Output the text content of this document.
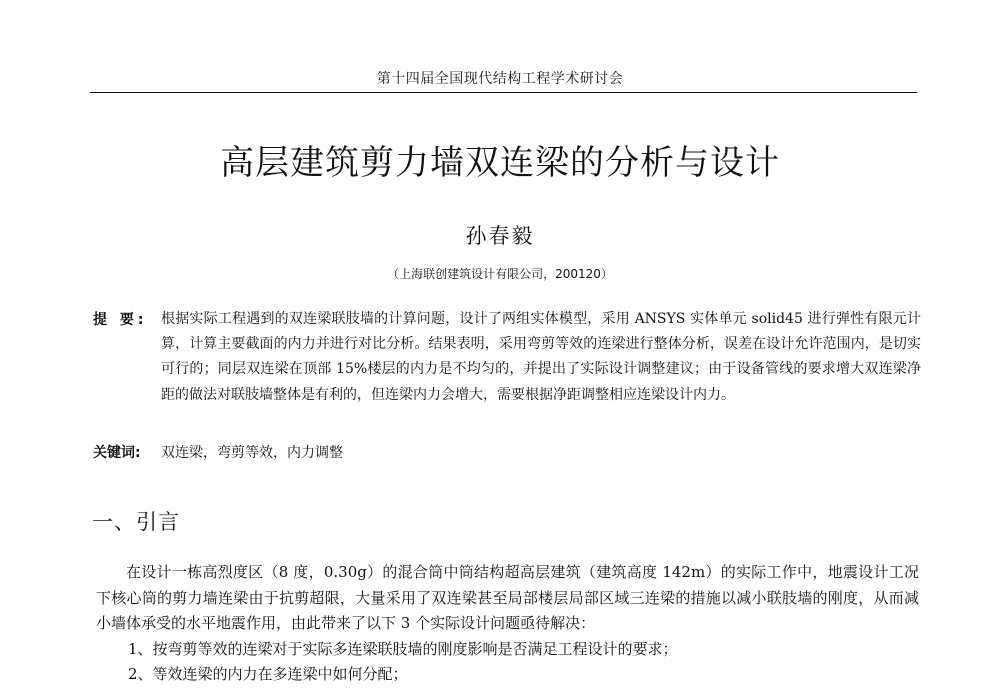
第十四届全国现代结构工程学术研讨会
高层建筑剪力墙双连梁的分析与设计
孙春毅
（上海联创建筑设计有限公司，200120）
提 要: 根据实际工程遇到的双连梁联肢墙的计算问题，设计了两组实体模型，采用 ANSYS 实体单元 solid45 进行弹性有限元计算，计算主要截面的内力并进行对比分析。结果表明，采用弯剪等效的连梁进行整体分析，误差在设计允许范围内，是切实可行的；同层双连梁在顶部 15%楼层的内力是不均匀的，并提出了实际设计调整建议；由于设备管线的要求增大双连梁净距的做法对联肢墙整体是有利的，但连梁内力会增大，需要根据净距调整相应连梁设计内力。
关键词: 双连梁，弯剪等效，内力调整
一、引言
在设计一栋高烈度区（8 度，0.30g）的混合筒中筒结构超高层建筑（建筑高度 142m）的实际工作中，地震设计工况下核心筒的剪力墙连梁由于抗剪超限，大量采用了双连梁甚至局部楼层局部区域三连梁的措施以减小联肢墙的刚度，从而减小墙体承受的水平地震作用，由此带来了以下 3 个实际设计问题亟待解决：
1、按弯剪等效的连梁对于实际多连梁联肢墙的刚度影响是否满足工程设计的要求；
2、等效连梁的内力在多连梁中如何分配；
